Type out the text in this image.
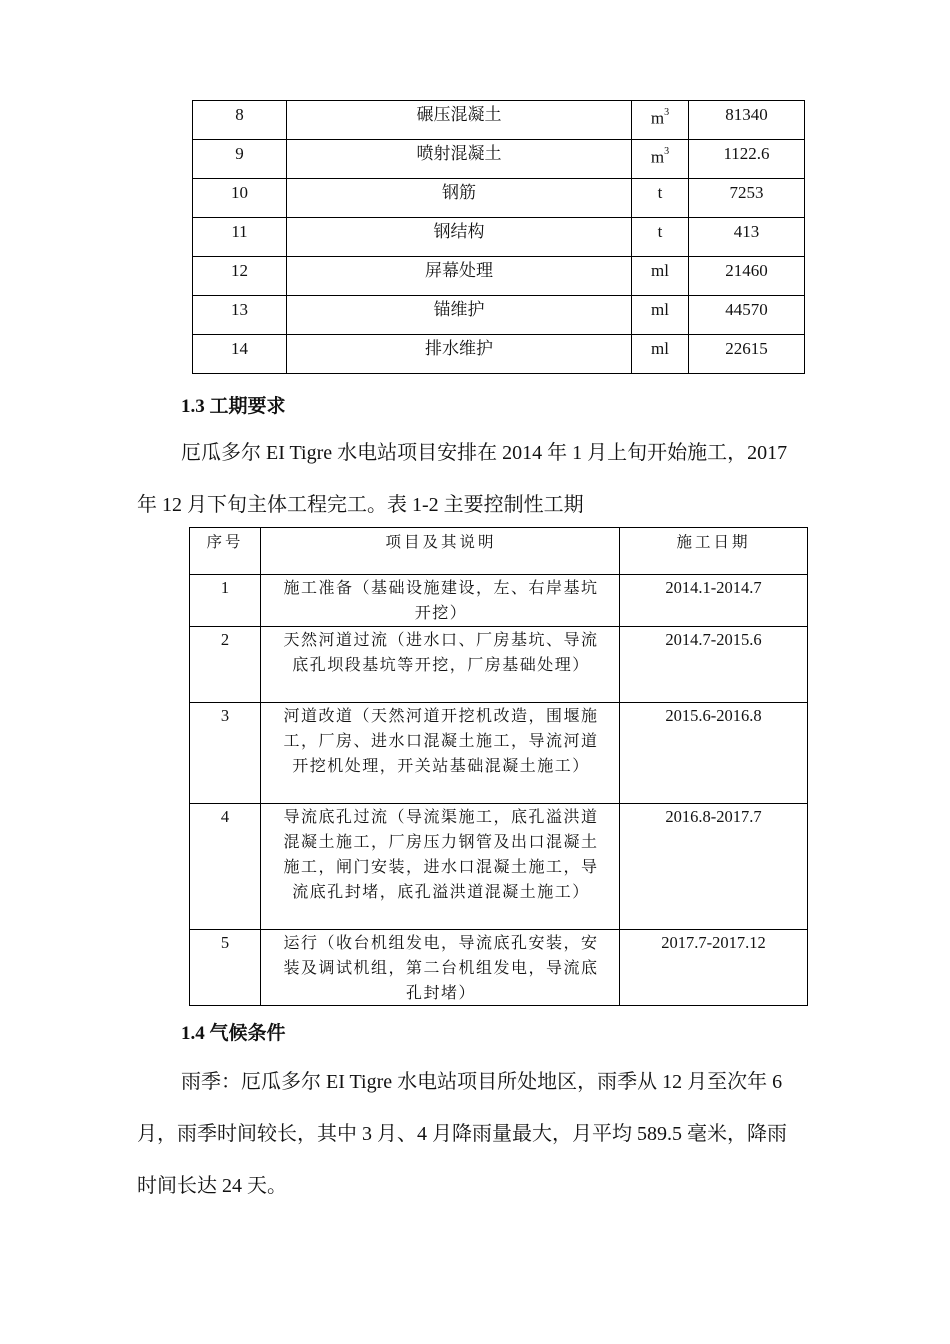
8	碾压混凝土	$m^3$	81340
9	喷射混凝土	$m^3$	1122.6
10	钢筋	t	7253
11	钢结构	t	413
12	屏幕处理	ml	21460
13	锚维护	ml	44570
14	排水维护	ml	22615
1.3 工期要求
厄瓜多尔 EI Tigre 水电站项目安排在 2014 年 1 月上旬开始施工，2017
年 12 月下旬主体工程完工。表 1-2 主要控制性工期
序号	项目及其说明	施工日期
1	施工准备（基础设施建设，左、右岸基坑开挖）	2014.1-2014.7
2	天然河道过流（进水口、厂房基坑、导流底孔坝段基坑等开挖，厂房基础处理）	2014.7-2015.6
3	河道改道（天然河道开挖机改造，围堰施工，厂房、进水口混凝土施工，导流河道开挖机处理，开关站基础混凝土施工）	2015.6-2016.8
4	导流底孔过流（导流渠施工，底孔溢洪道混凝土施工，厂房压力钢管及出口混凝土施工，闸门安装，进水口混凝土施工，导流底孔封堵，底孔溢洪道混凝土施工）	2016.8-2017.7
5	运行（收台机组发电，导流底孔安装，安装及调试机组，第二台机组发电，导流底孔封堵）	2017.7-2017.12
1.4 气候条件
雨季：厄瓜多尔 EI Tigre 水电站项目所处地区，雨季从 12 月至次年 6
月，雨季时间较长，其中 3 月、4 月降雨量最大，月平均 589.5 毫米，降雨
时间长达 24 天。
